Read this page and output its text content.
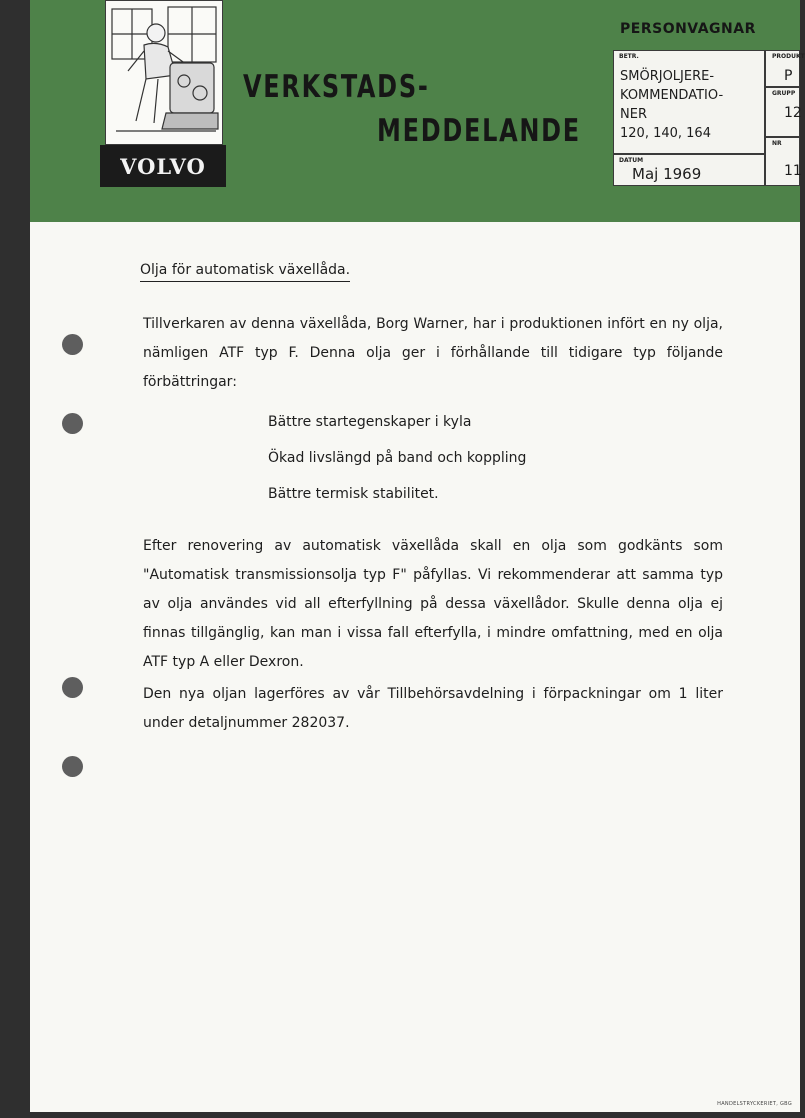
VOLVO
VERKSTADS-
MEDDELANDE
PERSONVAGNAR
BETR.
SMÖRJOLJERE-
KOMMENDATIO-
NER
120, 140, 164
DATUM
Maj 1969
PRODUKT
P
GRUPP
12
NR
11
Olja för automatisk växellåda.

Tillverkaren av denna växellåda, Borg Warner, har i produktionen infört en ny olja, nämligen ATF typ F. Denna olja ger i förhållande till tidigare typ följande förbättringar:

Bättre startegenskaper i kyla
Ökad livslängd på band och koppling
Bättre termisk stabilitet.

Efter renovering av automatisk växellåda skall en olja som godkänts som "Automatisk transmissionsolja typ F" påfyllas. Vi rekommenderar att samma typ av olja användes vid all efterfyllning på dessa växellådor. Skulle denna olja ej finnas tillgänglig, kan man i vissa fall efterfylla, i mindre omfattning, med en olja ATF typ A eller Dexron.

Den nya oljan lagerföres av vår Tillbehörsavdelning i förpackningar om 1 liter under detaljnummer 282037.

HANDELSTRYCKERIET, GBG
